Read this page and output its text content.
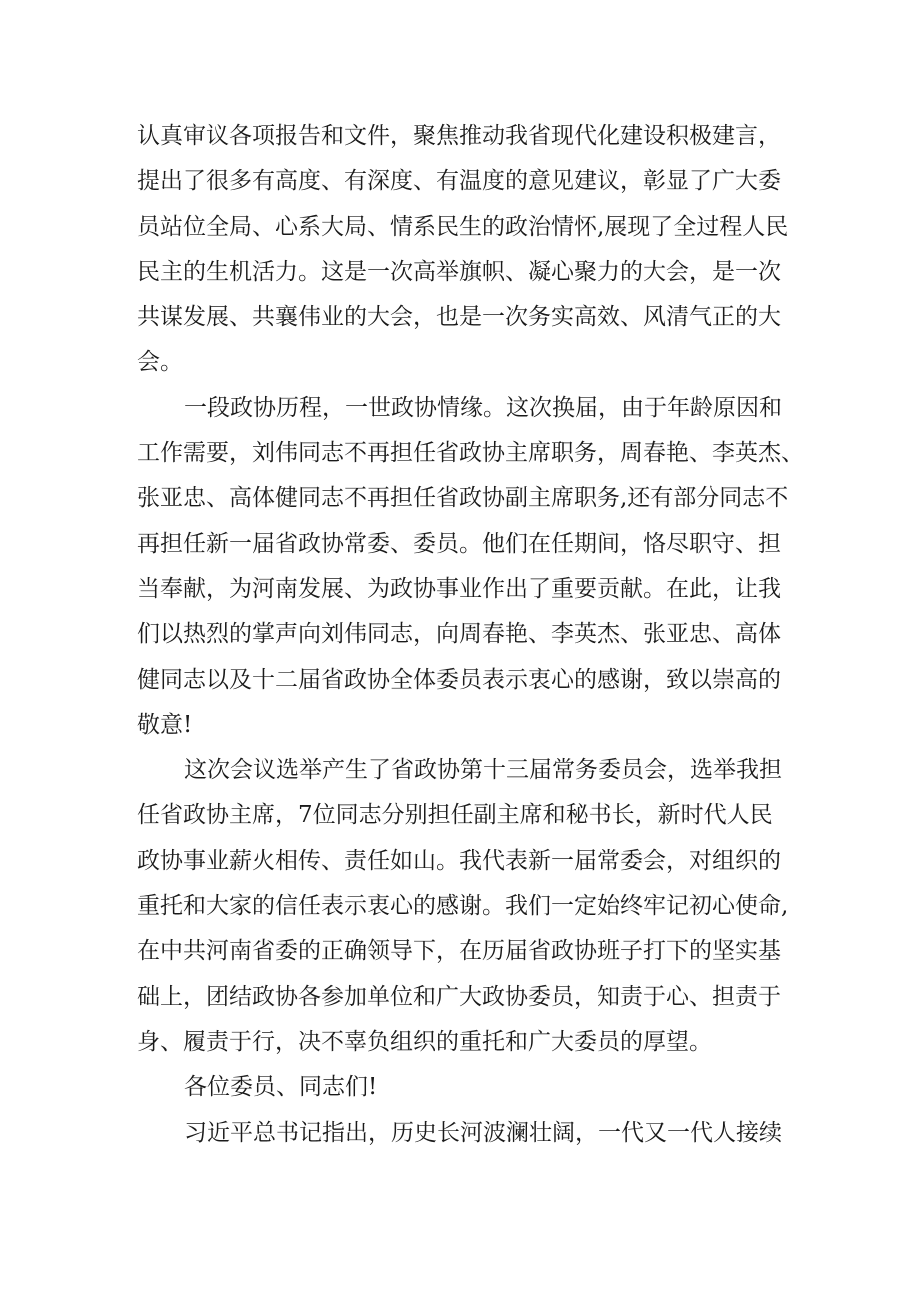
认真审议各项报告和文件，聚焦推动我省现代化建设积极建言，
提出了很多有高度、有深度、有温度的意见建议，彰显了广大委
员站位全局、心系大局、情系民生的政治情怀,展现了全过程人民
民主的生机活力。这是一次高举旗帜、凝心聚力的大会，是一次
共谋发展、共襄伟业的大会，也是一次务实高效、风清气正的大
会。
一段政协历程，一世政协情缘。这次换届，由于年龄原因和
工作需要，刘伟同志不再担任省政协主席职务，周春艳、李英杰、
张亚忠、高体健同志不再担任省政协副主席职务,还有部分同志不
再担任新一届省政协常委、委员。他们在任期间，恪尽职守、担
当奉献，为河南发展、为政协事业作出了重要贡献。在此，让我
们以热烈的掌声向刘伟同志，向周春艳、李英杰、张亚忠、高体
健同志以及十二届省政协全体委员表示衷心的感谢，致以崇高的
敬意!
这次会议选举产生了省政协第十三届常务委员会，选举我担
任省政协主席，7位同志分别担任副主席和秘书长，新时代人民
政协事业薪火相传、责任如山。我代表新一届常委会，对组织的
重托和大家的信任表示衷心的感谢。我们一定始终牢记初心使命,
在中共河南省委的正确领导下，在历届省政协班子打下的坚实基
础上，团结政协各参加单位和广大政协委员，知责于心、担责于
身、履责于行，决不辜负组织的重托和广大委员的厚望。
各位委员、同志们!
习近平总书记指出，历史长河波澜壮阔，一代又一代人接续
